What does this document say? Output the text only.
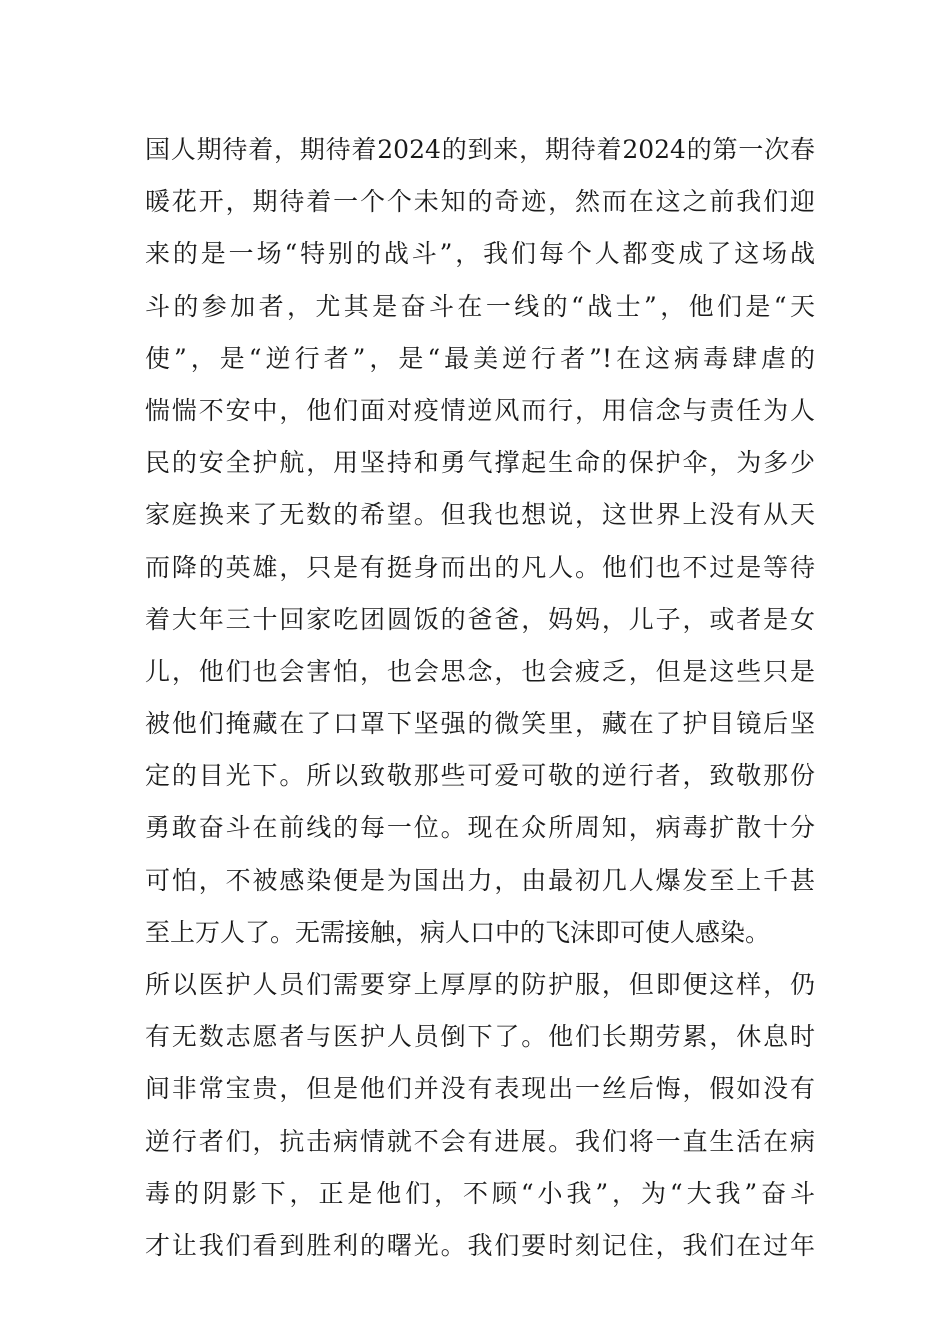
国人期待着，期待着2024的到来，期待着2024的第一次春
暖花开，期待着一个个未知的奇迹，然而在这之前我们迎
来的是一场“特别的战斗”，我们每个人都变成了这场战
斗的参加者，尤其是奋斗在一线的“战士”，他们是“天
使”，是“逆行者”，是“最美逆行者”!在这病毒肆虐的
惴惴不安中，他们面对疫情逆风而行，用信念与责任为人
民的安全护航，用坚持和勇气撑起生命的保护伞，为多少
家庭换来了无数的希望。但我也想说，这世界上没有从天
而降的英雄，只是有挺身而出的凡人。他们也不过是等待
着大年三十回家吃团圆饭的爸爸，妈妈，儿子，或者是女
儿，他们也会害怕，也会思念，也会疲乏，但是这些只是
被他们掩藏在了口罩下坚强的微笑里，藏在了护目镜后坚
定的目光下。所以致敬那些可爱可敬的逆行者，致敬那份
勇敢奋斗在前线的每一位。现在众所周知，病毒扩散十分
可怕，不被感染便是为国出力，由最初几人爆发至上千甚
至上万人了。无需接触，病人口中的飞沫即可使人感染。
所以医护人员们需要穿上厚厚的防护服，但即便这样，仍
有无数志愿者与医护人员倒下了。他们长期劳累，休息时
间非常宝贵，但是他们并没有表现出一丝后悔，假如没有
逆行者们，抗击病情就不会有进展。我们将一直生活在病
毒的阴影下，正是他们，不顾“小我”，为“大我”奋斗
才让我们看到胜利的曙光。我们要时刻记住，我们在过年
